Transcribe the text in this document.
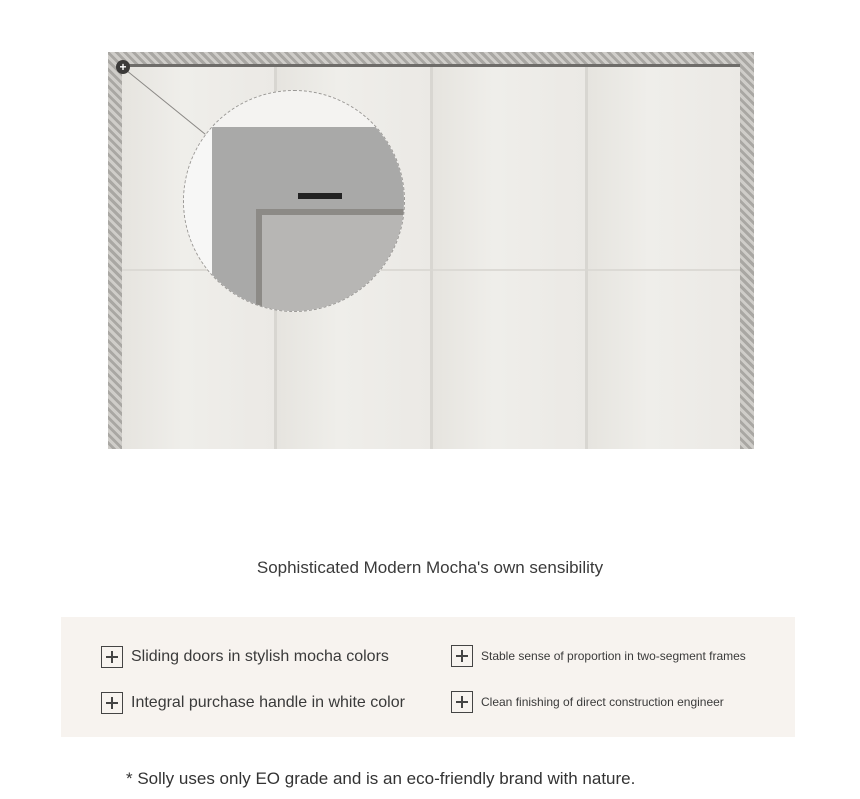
+
Sophisticated Modern Mocha's own sensibility
Sliding doors in stylish mocha colors	Stable sense of proportion in two-segment frames
Integral purchase handle in white color	Clean finishing of direct construction engineer
* Solly uses only EO grade and is an eco-friendly brand with nature.
